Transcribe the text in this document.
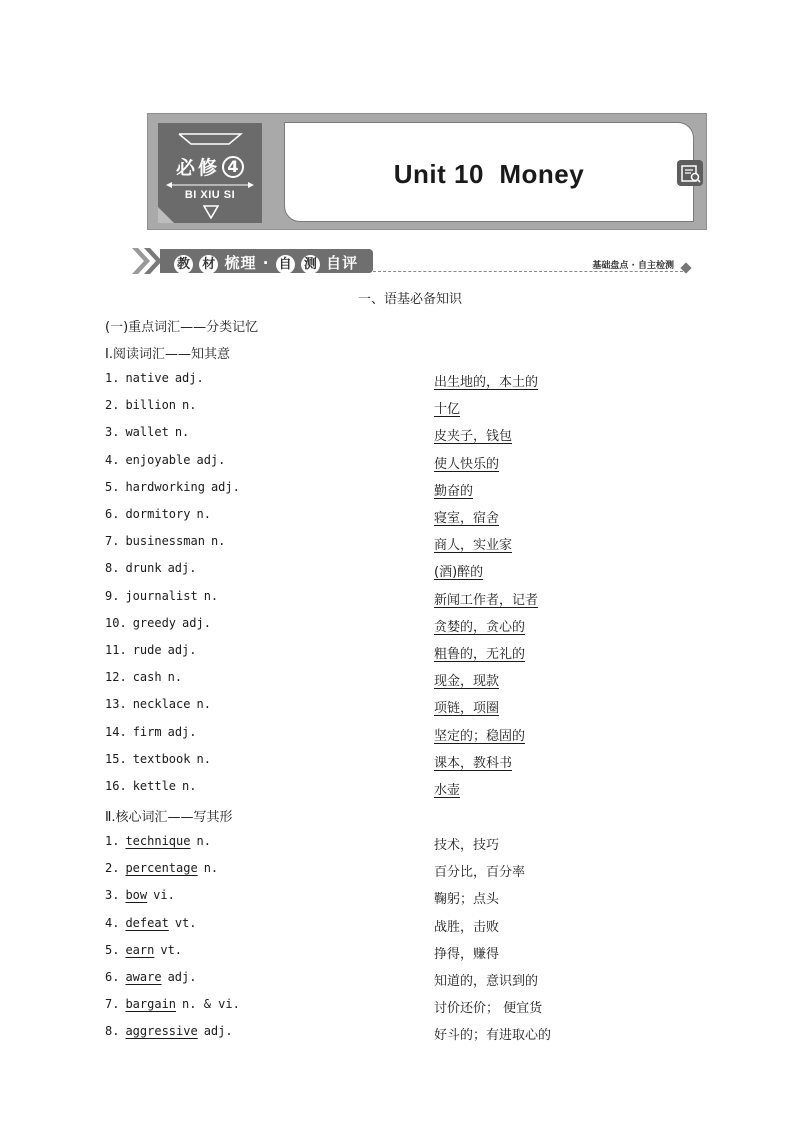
必修 4
BI XIU SI
Unit 10  Money
教 材 梳理 · 自 测 自评	基础盘点 · 自主检测
一、语基必备知识
(一)重点词汇——分类记忆
Ⅰ.阅读词汇——知其意
1. native adj.	出生地的，本土的
2. billion n.	十亿
3. wallet n.	皮夹子，钱包
4. enjoyable adj.	使人快乐的
5. hardworking adj.	勤奋的
6. dormitory n.	寝室，宿舍
7. businessman n.	商人，实业家
8. drunk adj.	(酒)醉的
9. journalist n.	新闻工作者，记者
10. greedy adj.	贪婪的，贪心的
11. rude adj.	粗鲁的，无礼的
12. cash n.	现金，现款
13. necklace n.	项链，项圈
14. firm adj.	坚定的；稳固的
15. textbook n.	课本，教科书
16. kettle n.	水壶
Ⅱ.核心词汇——写其形
1. technique n.	技术，技巧
2. percentage n.	百分比，百分率
3. bow vi.	鞠躬；点头
4. defeat vt.	战胜，击败
5. earn vt.	挣得，赚得
6. aware adj.	知道的，意识到的
7. bargain n. & vi.	讨价还价； 便宜货
8. aggressive adj.	好斗的；有进取心的
